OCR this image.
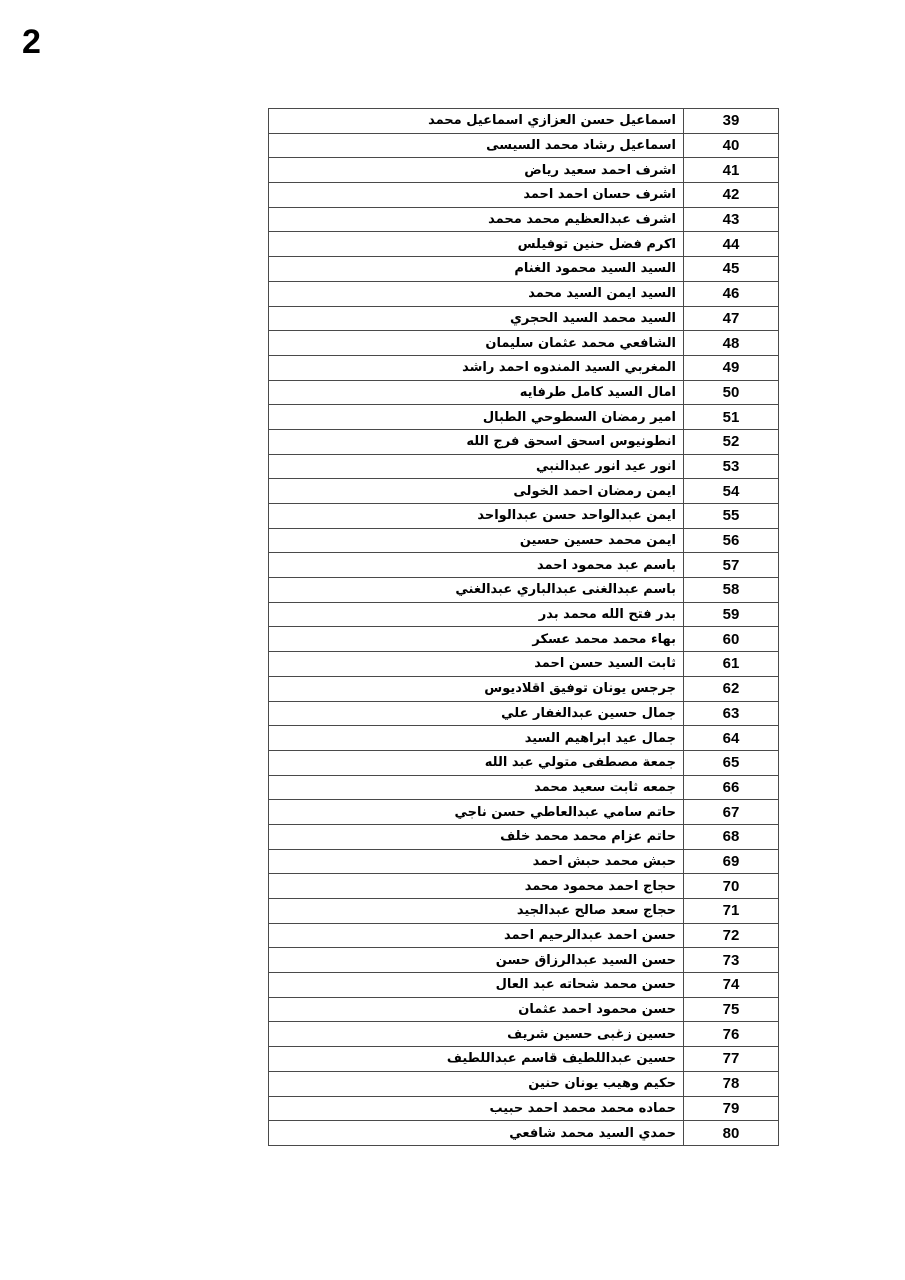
2
اسماعيل حسن العزازي اسماعيل محمد	39
اسماعيل رشاد محمد السيسى	40
اشرف احمد سعيد رياض	41
اشرف حسان احمد احمد	42
اشرف عبدالعظيم محمد محمد	43
اكرم فضل حنين توفيلس	44
السيد السيد محمود الغنام	45
السيد ايمن السيد محمد	46
السيد محمد السيد الحجري	47
الشافعي محمد عثمان سليمان	48
المغربي السيد المندوه احمد راشد	49
امال السيد كامل طرفايه	50
امير رمضان السطوحي الطبال	51
انطونيوس اسحق اسحق فرج الله	52
انور عيد انور عبدالنبي	53
ايمن رمضان احمد الخولى	54
ايمن عبدالواحد حسن عبدالواحد	55
ايمن محمد حسين حسين	56
باسم عبد محمود احمد	57
باسم عبدالغنى عبدالباري عبدالغني	58
بدر فتح الله محمد بدر	59
بهاء محمد محمد عسكر	60
ثابت السيد حسن احمد	61
جرجس يونان توفيق اقلاديوس	62
جمال حسين عبدالغفار علي	63
جمال عيد ابراهيم السيد	64
جمعة مصطفى متولي عبد الله	65
جمعه ثابت سعيد محمد	66
حاتم سامي عبدالعاطي حسن ناجي	67
حاتم عزام محمد محمد خلف	68
حبش محمد حبش احمد	69
حجاج احمد محمود محمد	70
حجاج سعد صالح عبدالجيد	71
حسن احمد عبدالرحيم احمد	72
حسن السيد عبدالرزاق حسن	73
حسن محمد شحاته عبد العال	74
حسن محمود احمد عثمان	75
حسين زغبى حسين شريف	76
حسين عبداللطيف قاسم عبداللطيف	77
حكيم وهيب يونان حنين	78
حماده محمد محمد احمد حبيب	79
حمدي السيد محمد شافعي	80
